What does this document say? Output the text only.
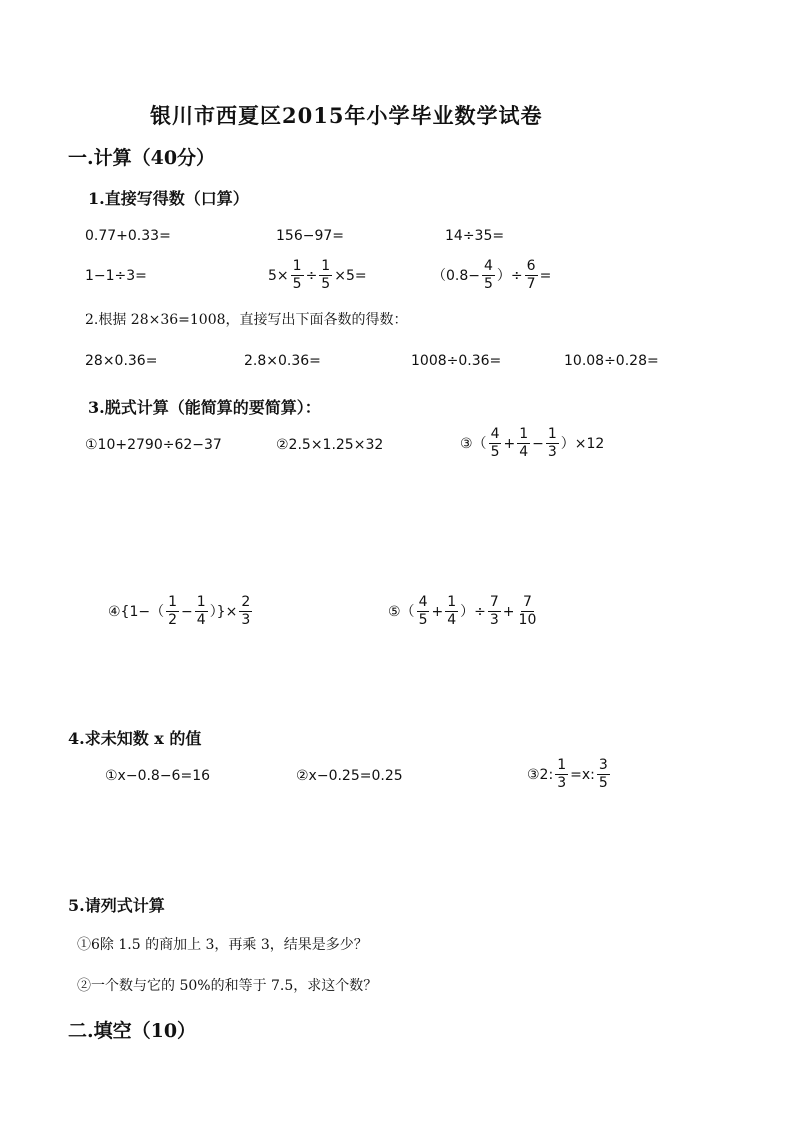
银川市西夏区2015年小学毕业数学试卷
一.计算（40分）
1.直接写得数（口算）
0.77+0.33=	156−97=	14÷35=
1−1÷3=	$5\times \frac{1}{5} \div \frac{1}{5} \times 5=$	（$0.8- \frac{4}{5}$ ）÷ $\frac{6}{7}$ =
2.根据 28×36=1008，直接写出下面各数的得数：
28×0.36=	2.8×0.36=	1008÷0.36=	10.08÷0.28=
3.脱式计算（能简算的要简算）：
①10+2790÷62−37	②2.5×1.25×32	③（ $\frac{4}{5} + \frac{1}{4} - \frac{1}{3} )\times 12$
④{1−（ $\frac{1}{2} - \frac{1}{4}$ ）}× $\frac{2}{3}$	⑤（ $\frac{4}{5} + \frac{1}{4}$ ）÷ $\frac{7}{3} + \frac{7}{10}$
4.求未知数 x 的值
①x−0.8−6=16	②x−0.25=0.25	③2: $\frac{1}{3} =x$: $\frac{3}{5}$
5.请列式计算
①6除 1.5 的商加上 3，再乘 3，结果是多少？
②一个数与它的 50%的和等于 7.5，求这个数？
二.填空（10）
